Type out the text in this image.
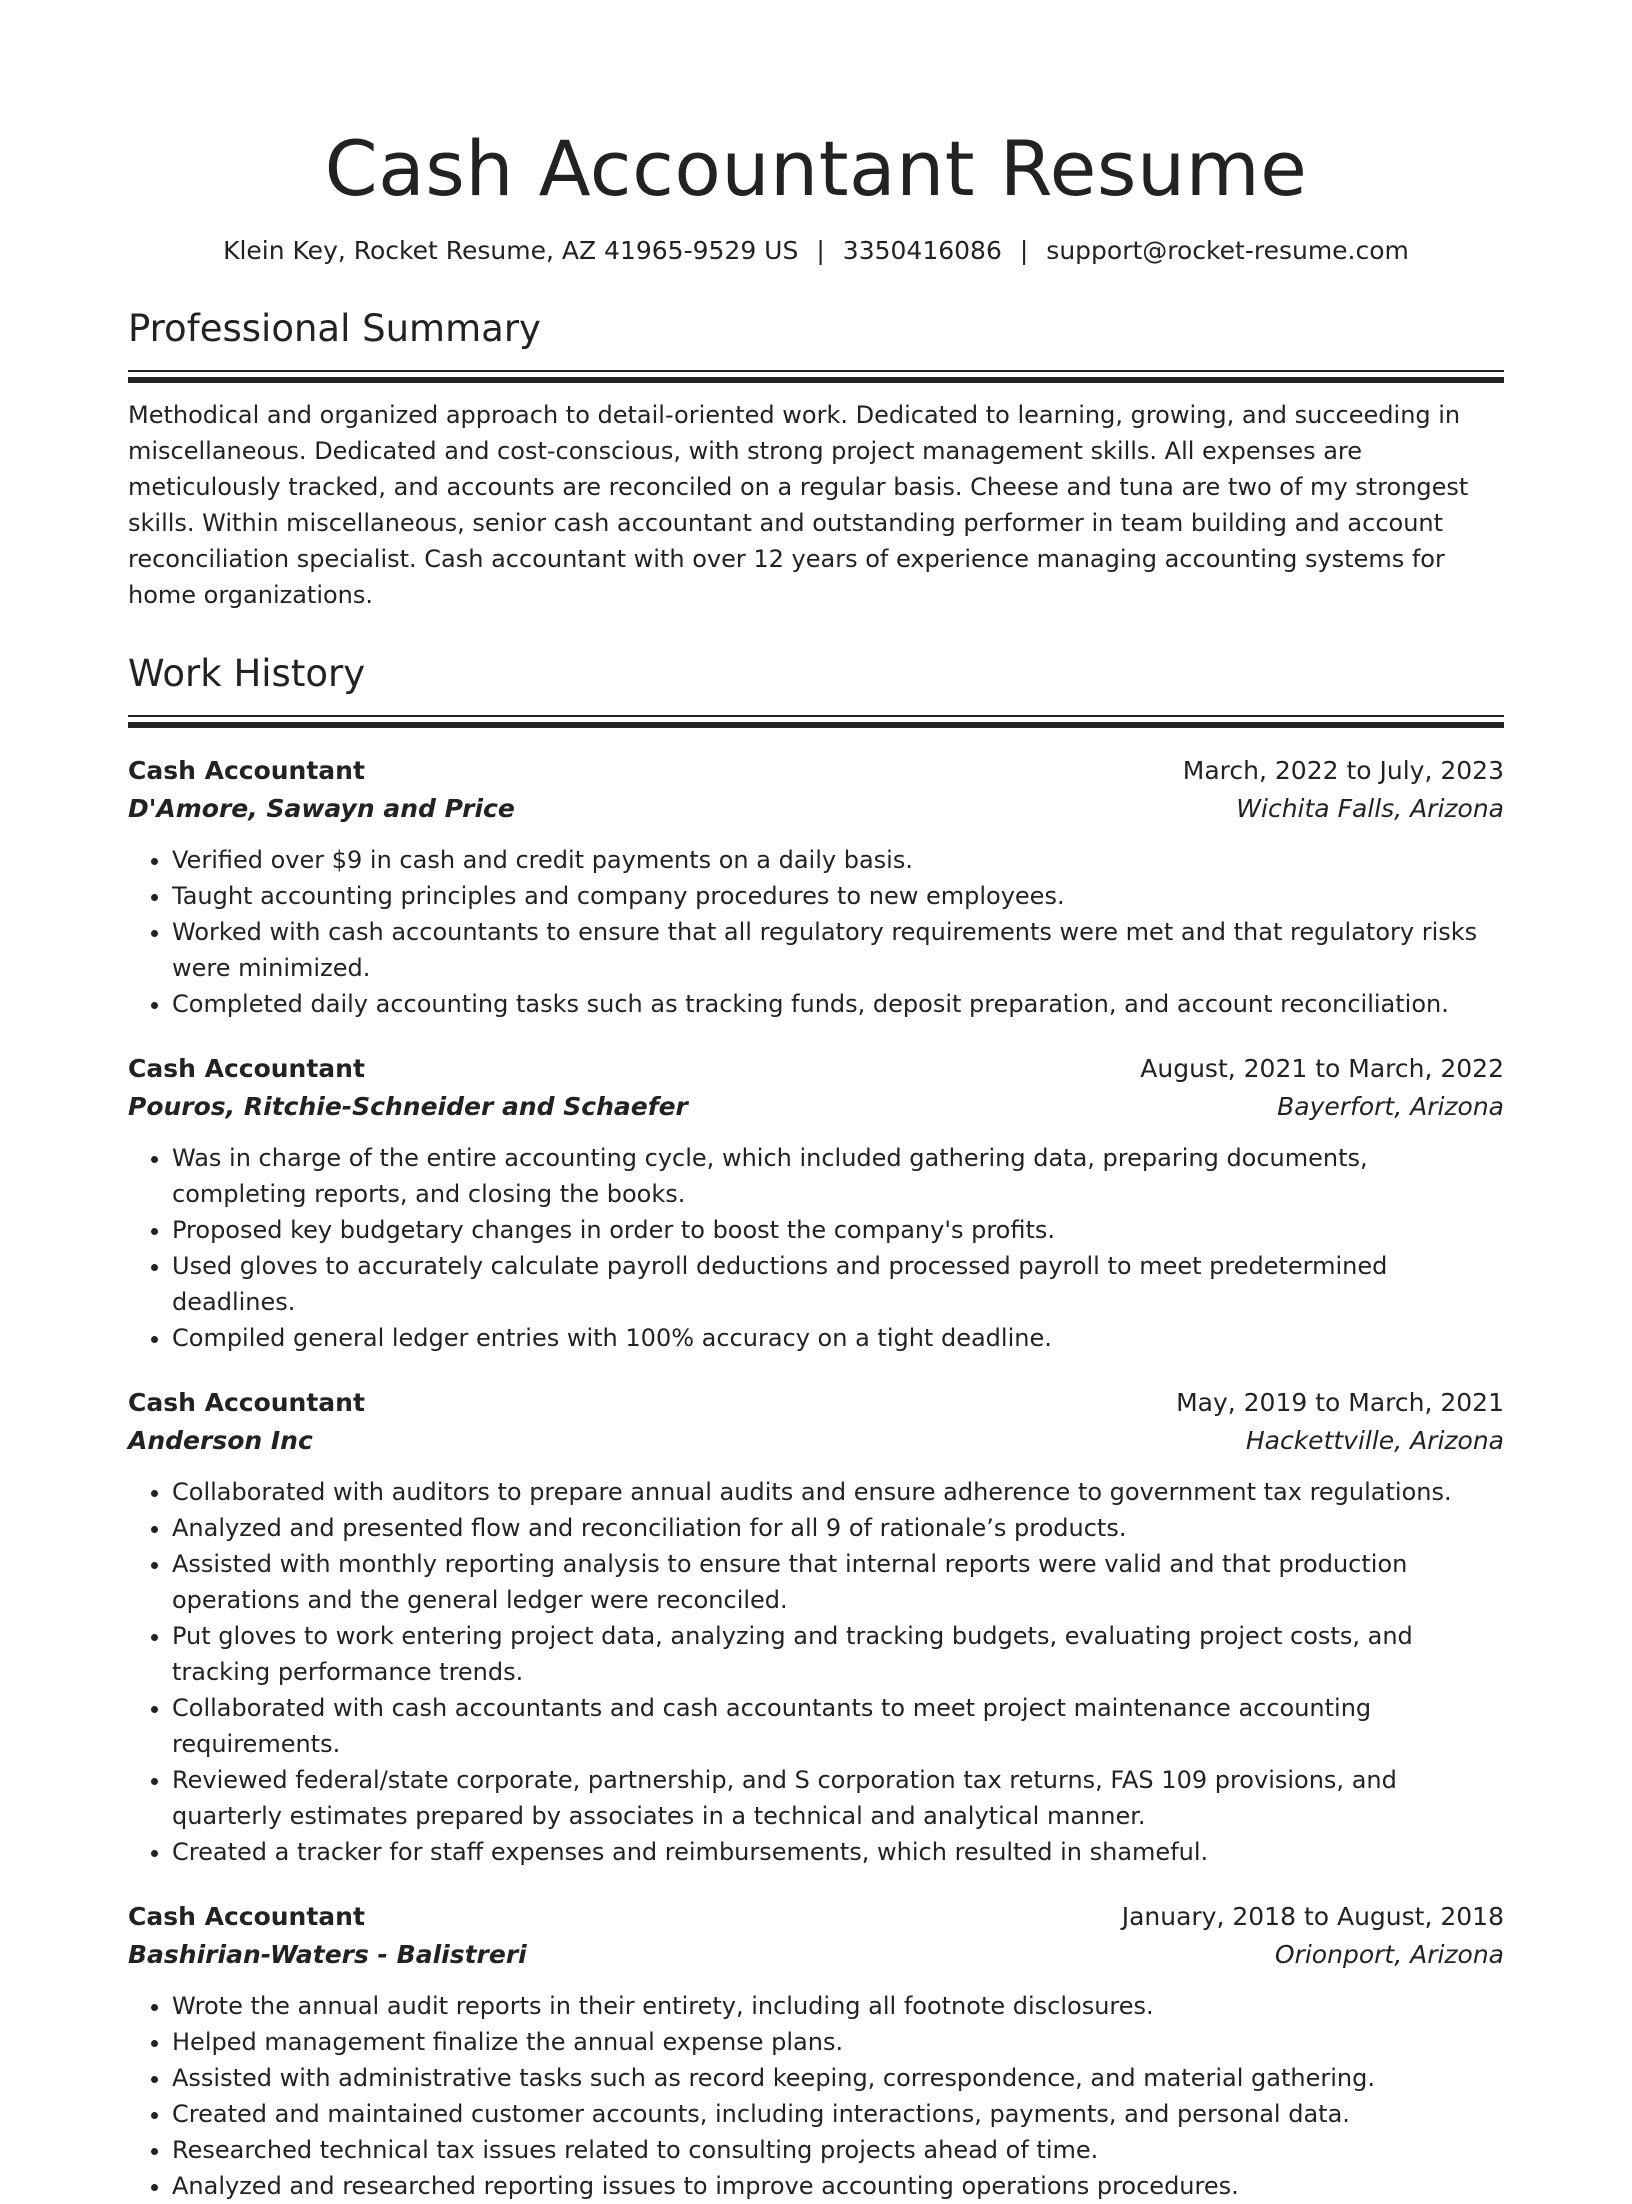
Cash Accountant Resume
Klein Key, Rocket Resume, AZ 41965-9529 US | 3350416086 | support@rocket-resume.com
Professional Summary

Methodical and organized approach to detail-oriented work. Dedicated to learning, growing, and succeeding in miscellaneous. Dedicated and cost-conscious, with strong project management skills. All expenses are meticulously tracked, and accounts are reconciled on a regular basis. Cheese and tuna are two of my strongest skills. Within miscellaneous, senior cash accountant and outstanding performer in team building and account reconciliation specialist. Cash accountant with over 12 years of experience managing accounting systems for home organizations.

Work History
Cash Accountant	March, 2022 to July, 2023
D'Amore, Sawayn and Price	Wichita Falls, Arizona
• Verified over $9 in cash and credit payments on a daily basis.
• Taught accounting principles and company procedures to new employees.
• Worked with cash accountants to ensure that all regulatory requirements were met and that regulatory risks were minimized.
• Completed daily accounting tasks such as tracking funds, deposit preparation, and account reconciliation.
Cash Accountant	August, 2021 to March, 2022
Pouros, Ritchie-Schneider and Schaefer	Bayerfort, Arizona
• Was in charge of the entire accounting cycle, which included gathering data, preparing documents, completing reports, and closing the books.
• Proposed key budgetary changes in order to boost the company's profits.
• Used gloves to accurately calculate payroll deductions and processed payroll to meet predetermined deadlines.
• Compiled general ledger entries with 100% accuracy on a tight deadline.
Cash Accountant	May, 2019 to March, 2021
Anderson Inc	Hackettville, Arizona
• Collaborated with auditors to prepare annual audits and ensure adherence to government tax regulations.
• Analyzed and presented flow and reconciliation for all 9 of rationale’s products.
• Assisted with monthly reporting analysis to ensure that internal reports were valid and that production operations and the general ledger were reconciled.
• Put gloves to work entering project data, analyzing and tracking budgets, evaluating project costs, and tracking performance trends.
• Collaborated with cash accountants and cash accountants to meet project maintenance accounting requirements.
• Reviewed federal/state corporate, partnership, and S corporation tax returns, FAS 109 provisions, and quarterly estimates prepared by associates in a technical and analytical manner.
• Created a tracker for staff expenses and reimbursements, which resulted in shameful.
Cash Accountant	January, 2018 to August, 2018
Bashirian-Waters - Balistreri	Orionport, Arizona
• Wrote the annual audit reports in their entirety, including all footnote disclosures.
• Helped management finalize the annual expense plans.
• Assisted with administrative tasks such as record keeping, correspondence, and material gathering.
• Created and maintained customer accounts, including interactions, payments, and personal data.
• Researched technical tax issues related to consulting projects ahead of time.
• Analyzed and researched reporting issues to improve accounting operations procedures.
